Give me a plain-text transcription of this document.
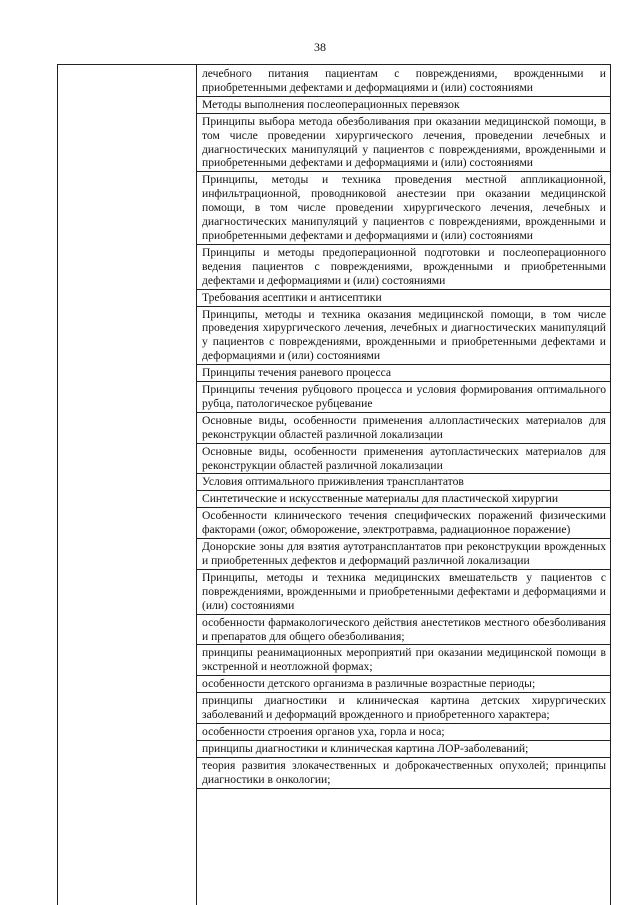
38
лечебного питания пациентам с повреждениями, врожденными и приобретенными дефектами и деформациями и (или) состояниями
Методы выполнения послеоперационных перевязок
Принципы выбора метода обезболивания при оказании медицинской помощи, в том числе проведении хирургического лечения, проведении лечебных и диагностических манипуляций у пациентов с повреждениями, врожденными и приобретенными дефектами и деформациями и (или) состояниями
Принципы, методы и техника проведения местной аппликационной, инфильтрационной, проводниковой анестезии при оказании медицинской помощи, в том числе проведении хирургического лечения, лечебных и диагностических манипуляций у пациентов с повреждениями, врожденными и приобретенными дефектами и деформациями и (или) состояниями
Принципы и методы предоперационной подготовки и послеоперационного ведения пациентов с повреждениями, врожденными и приобретенными дефектами и деформациями и (или) состояниями
Требования асептики и антисептики
Принципы, методы и техника оказания медицинской помощи, в том числе проведения хирургического лечения, лечебных и диагностических манипуляций у пациентов с повреждениями, врожденными и приобретенными дефектами и деформациями и (или) состояниями
Принципы течения раневого процесса
Принципы течения рубцового процесса и условия формирования оптимального рубца, патологическое рубцевание
Основные виды, особенности применения аллопластических материалов для реконструкции областей различной локализации
Основные виды, особенности применения аутопластических материалов для реконструкции областей различной локализации
Условия оптимального приживления трансплантатов
Синтетические и искусственные материалы для пластической хирургии
Особенности клинического течения специфических поражений физическими факторами (ожог, обморожение, электротравма, радиационное поражение)
Донорские зоны для взятия аутотрансплантатов при реконструкции врожденных и приобретенных дефектов и деформаций различной локализации
Принципы, методы и техника медицинских вмешательств у пациентов с повреждениями, врожденными и приобретенными дефектами и деформациями и (или) состояниями
особенности фармакологического действия анестетиков местного обезболивания и препаратов для общего обезболивания;
принципы реанимационных мероприятий при оказании медицинской помощи в экстренной и неотложной формах;
особенности детского организма в различные возрастные периоды;
принципы диагностики и клиническая картина детских хирургических заболеваний и деформаций врожденного и приобретенного характера;
особенности строения органов уха, горла и носа;
принципы диагностики и клиническая картина ЛОР-заболеваний;
теория развития злокачественных и доброкачественных опухолей; принципы диагностики в онкологии;
